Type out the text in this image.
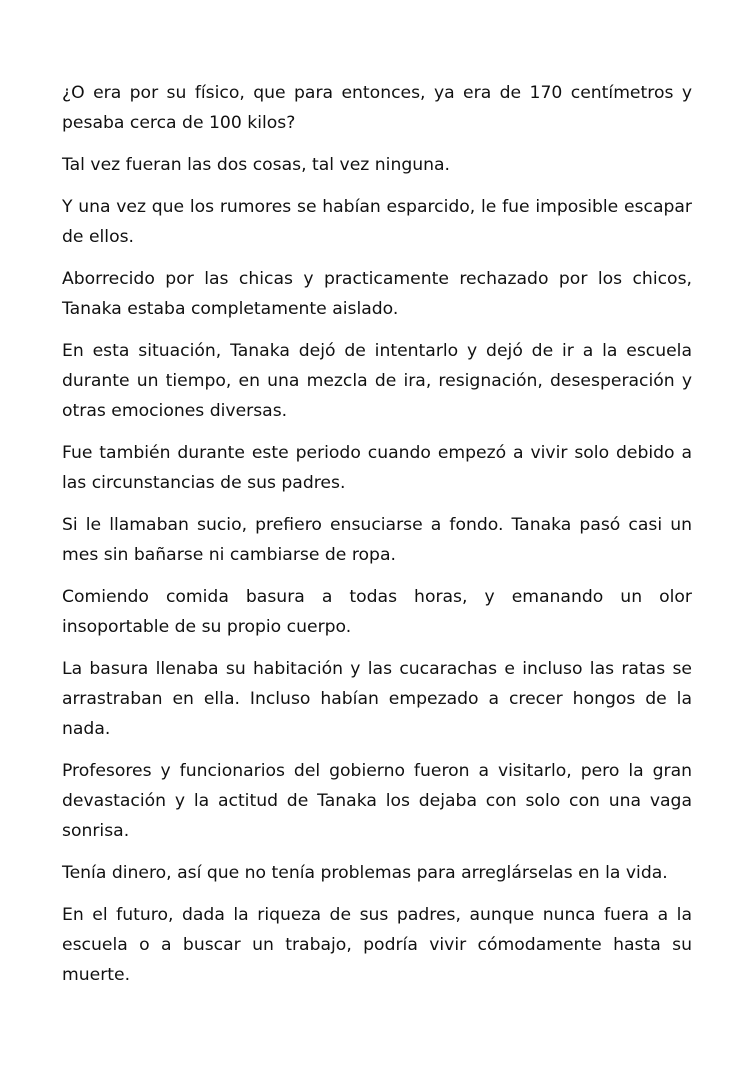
¿O era por su físico, que para entonces, ya era de 170 centímetros y pesaba cerca de 100 kilos?

Tal vez fueran las dos cosas, tal vez ninguna.

Y una vez que los rumores se habían esparcido, le fue imposible escapar de ellos.

Aborrecido por las chicas y practicamente rechazado por los chicos, Tanaka estaba completamente aislado.

En esta situación, Tanaka dejó de intentarlo y dejó de ir a la escuela durante un tiempo, en una mezcla de ira, resignación, desesperación y otras emociones diversas.

Fue también durante este periodo cuando empezó a vivir solo debido a las circunstancias de sus padres.

Si le llamaban sucio, prefiero ensuciarse a fondo. Tanaka pasó casi un mes sin bañarse ni cambiarse de ropa.

Comiendo comida basura a todas horas, y emanando un olor insoportable de su propio cuerpo.

La basura llenaba su habitación y las cucarachas e incluso las ratas se arrastraban en ella. Incluso habían empezado a crecer hongos de la nada.

Profesores y funcionarios del gobierno fueron a visitarlo, pero la gran devastación y la actitud de Tanaka los dejaba con solo con una vaga sonrisa.

Tenía dinero, así que no tenía problemas para arreglárselas en la vida.

En el futuro, dada la riqueza de sus padres, aunque nunca fuera a la escuela o a buscar un trabajo, podría vivir cómodamente hasta su muerte.
